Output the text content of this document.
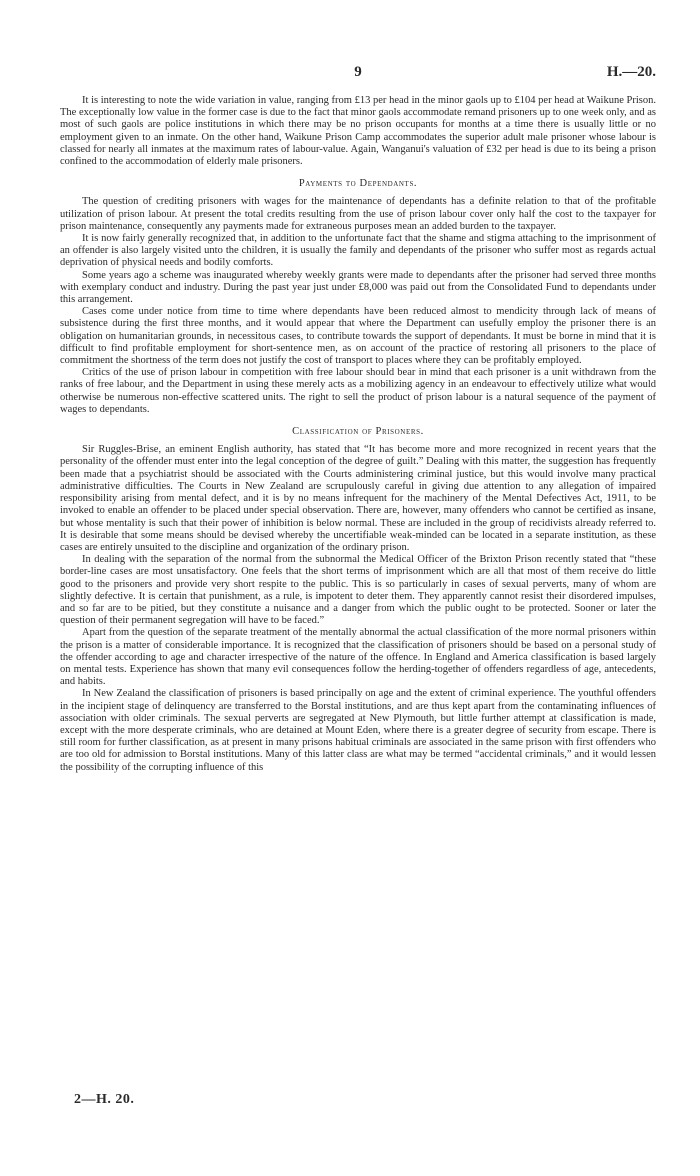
9	H.—20.

It is interesting to note the wide variation in value, ranging from £13 per head in the minor gaols up to £104 per head at Waikune Prison. The exceptionally low value in the former case is due to the fact that minor gaols accommodate remand prisoners up to one week only, and as most of such gaols are police institutions in which there may be no prison occupants for months at a time there is usually little or no employment given to an inmate. On the other hand, Waikune Prison Camp accommodates the superior adult male prisoner whose labour is classed for nearly all inmates at the maximum rates of labour-value. Again, Wanganui's valuation of £32 per head is due to its being a prison confined to the accommodation of elderly male prisoners.

Payments to Dependants.

The question of crediting prisoners with wages for the maintenance of dependants has a definite relation to that of the profitable utilization of prison labour. At present the total credits resulting from the use of prison labour cover only half the cost to the taxpayer for prison maintenance, consequently any payments made for extraneous purposes mean an added burden to the taxpayer.

It is now fairly generally recognized that, in addition to the unfortunate fact that the shame and stigma attaching to the imprisonment of an offender is also largely visited unto the children, it is usually the family and dependants of the prisoner who suffer most as regards actual deprivation of physical needs and bodily comforts.

Some years ago a scheme was inaugurated whereby weekly grants were made to dependants after the prisoner had served three months with exemplary conduct and industry. During the past year just under £8,000 was paid out from the Consolidated Fund to dependants under this arrangement.

Cases come under notice from time to time where dependants have been reduced almost to mendicity through lack of means of subsistence during the first three months, and it would appear that where the Department can usefully employ the prisoner there is an obligation on humanitarian grounds, in necessitous cases, to contribute towards the support of dependants. It must be borne in mind that it is difficult to find profitable employment for short-sentence men, as on account of the practice of restoring all prisoners to the place of commitment the shortness of the term does not justify the cost of transport to places where they can be profitably employed.

Critics of the use of prison labour in competition with free labour should bear in mind that each prisoner is a unit withdrawn from the ranks of free labour, and the Department in using these merely acts as a mobilizing agency in an endeavour to effectively utilize what would otherwise be numerous non-effective scattered units. The right to sell the product of prison labour is a natural sequence of the payment of wages to dependants.

Classification of Prisoners.

Sir Ruggles-Brise, an eminent English authority, has stated that “It has become more and more recognized in recent years that the personality of the offender must enter into the legal conception of the degree of guilt.” Dealing with this matter, the suggestion has frequently been made that a psychiatrist should be associated with the Courts administering criminal justice, but this would involve many practical administrative difficulties. The Courts in New Zealand are scrupulously careful in giving due attention to any allegation of impaired responsibility arising from mental defect, and it is by no means infrequent for the machinery of the Mental Defectives Act, 1911, to be invoked to enable an offender to be placed under special observation. There are, however, many offenders who cannot be certified as insane, but whose mentality is such that their power of inhibition is below normal. These are included in the group of recidivists already referred to. It is desirable that some means should be devised whereby the uncertifiable weak-minded can be located in a separate institution, as these cases are entirely unsuited to the discipline and organization of the ordinary prison.

In dealing with the separation of the normal from the subnormal the Medical Officer of the Brixton Prison recently stated that “these border-line cases are most unsatisfactory. One feels that the short terms of imprisonment which are all that most of them receive do little good to the prisoners and provide very short respite to the public. This is so particularly in cases of sexual perverts, many of whom are slightly defective. It is certain that punishment, as a rule, is impotent to deter them. They apparently cannot resist their disordered impulses, and so far are to be pitied, but they constitute a nuisance and a danger from which the public ought to be protected. Sooner or later the question of their permanent segregation will have to be faced.”

Apart from the question of the separate treatment of the mentally abnormal the actual classification of the more normal prisoners within the prison is a matter of considerable importance. It is recognized that the classification of prisoners should be based on a personal study of the offender according to age and character irrespective of the nature of the offence. In England and America classification is based largely on mental tests. Experience has shown that many evil consequences follow the herding-together of offenders regardless of age, antecedents, and habits.

In New Zealand the classification of prisoners is based principally on age and the extent of criminal experience. The youthful offenders in the incipient stage of delinquency are transferred to the Borstal institutions, and are thus kept apart from the contaminating influences of association with older criminals. The sexual perverts are segregated at New Plymouth, but little further attempt at classification is made, except with the more desperate criminals, who are detained at Mount Eden, where there is a greater degree of security from escape. There is still room for further classification, as at present in many prisons habitual criminals are associated in the same prison with first offenders who are too old for admission to Borstal institutions. Many of this latter class are what may be termed “accidental criminals,” and it would lessen the possibility of the corrupting influence of this

2—H. 20.
